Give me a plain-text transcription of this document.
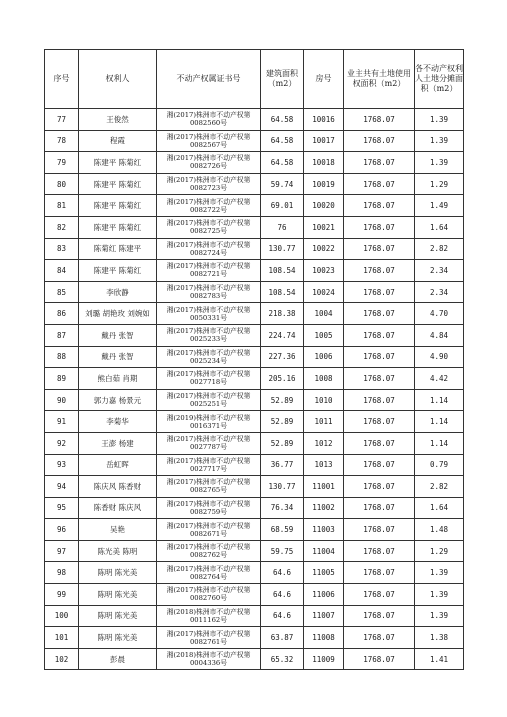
序号	权利人	不动产权属证书号	建筑面积（m2）	房号	业主共有土地使用权面积（m2）	各不动产权利人土地分摊面积（m2）
77	王俊然	湘(2017)株洲市不动产权第
0082560号	64.58	10016	1768.07	1.39
78	程霞	湘(2017)株洲市不动产权第
0082567号	64.58	10017	1768.07	1.39
79	陈建平 陈菊红	湘(2017)株洲市不动产权第
0082726号	64.58	10018	1768.07	1.39
80	陈建平 陈菊红	湘(2017)株洲市不动产权第
0082723号	59.74	10019	1768.07	1.29
81	陈建平 陈菊红	湘(2017)株洲市不动产权第
0082722号	69.01	10020	1768.07	1.49
82	陈建平 陈菊红	湘(2017)株洲市不动产权第
0082725号	76	10021	1768.07	1.64
83	陈菊红 陈建平	湘(2017)株洲市不动产权第
0082724号	130.77	10022	1768.07	2.82
84	陈建平 陈菊红	湘(2017)株洲市不动产权第
0082721号	108.54	10023	1768.07	2.34
85	李欣静	湘(2017)株洲市不动产权第
0082783号	108.54	10024	1768.07	2.34
86	刘璐 胡艳玫 刘婉如	湘(2017)株洲市不动产权第
0050331号	218.38	1004	1768.07	4.70
87	戴丹 张智	湘(2017)株洲市不动产权第
0025233号	224.74	1005	1768.07	4.84
88	戴丹 张智	湘(2017)株洲市不动产权第
0025234号	227.36	1006	1768.07	4.90
89	熊白茹 肖期	湘(2017)株洲市不动产权第
0027718号	205.16	1008	1768.07	4.42
90	郭力嘉 杨景元	湘(2017)株洲市不动产权第
0025251号	52.89	1010	1768.07	1.14
91	李菊华	湘(2019)株洲市不动产权第
0016371号	52.89	1011	1768.07	1.14
92	王澎 杨建	湘(2017)株洲市不动产权第
0027787号	52.89	1012	1768.07	1.14
93	岳虹晖	湘(2017)株洲市不动产权第
0027717号	36.77	1013	1768.07	0.79
94	陈庆风 陈香财	湘(2017)株洲市不动产权第
0082765号	130.77	11001	1768.07	2.82
95	陈香财 陈庆风	湘(2017)株洲市不动产权第
0082759号	76.34	11002	1768.07	1.64
96	吴艳	湘(2017)株洲市不动产权第
0082671号	68.59	11003	1768.07	1.48
97	陈光美 陈明	湘(2017)株洲市不动产权第
0082762号	59.75	11004	1768.07	1.29
98	陈明 陈光美	湘(2017)株洲市不动产权第
0082764号	64.6	11005	1768.07	1.39
99	陈明 陈光美	湘(2017)株洲市不动产权第
0082760号	64.6	11006	1768.07	1.39
100	陈明 陈光美	湘(2018)株洲市不动产权第
0011162号	64.6	11007	1768.07	1.39
101	陈明 陈光美	湘(2017)株洲市不动产权第
0082761号	63.87	11008	1768.07	1.38
102	彭晨	湘(2018)株洲市不动产权第
0004336号	65.32	11009	1768.07	1.41
